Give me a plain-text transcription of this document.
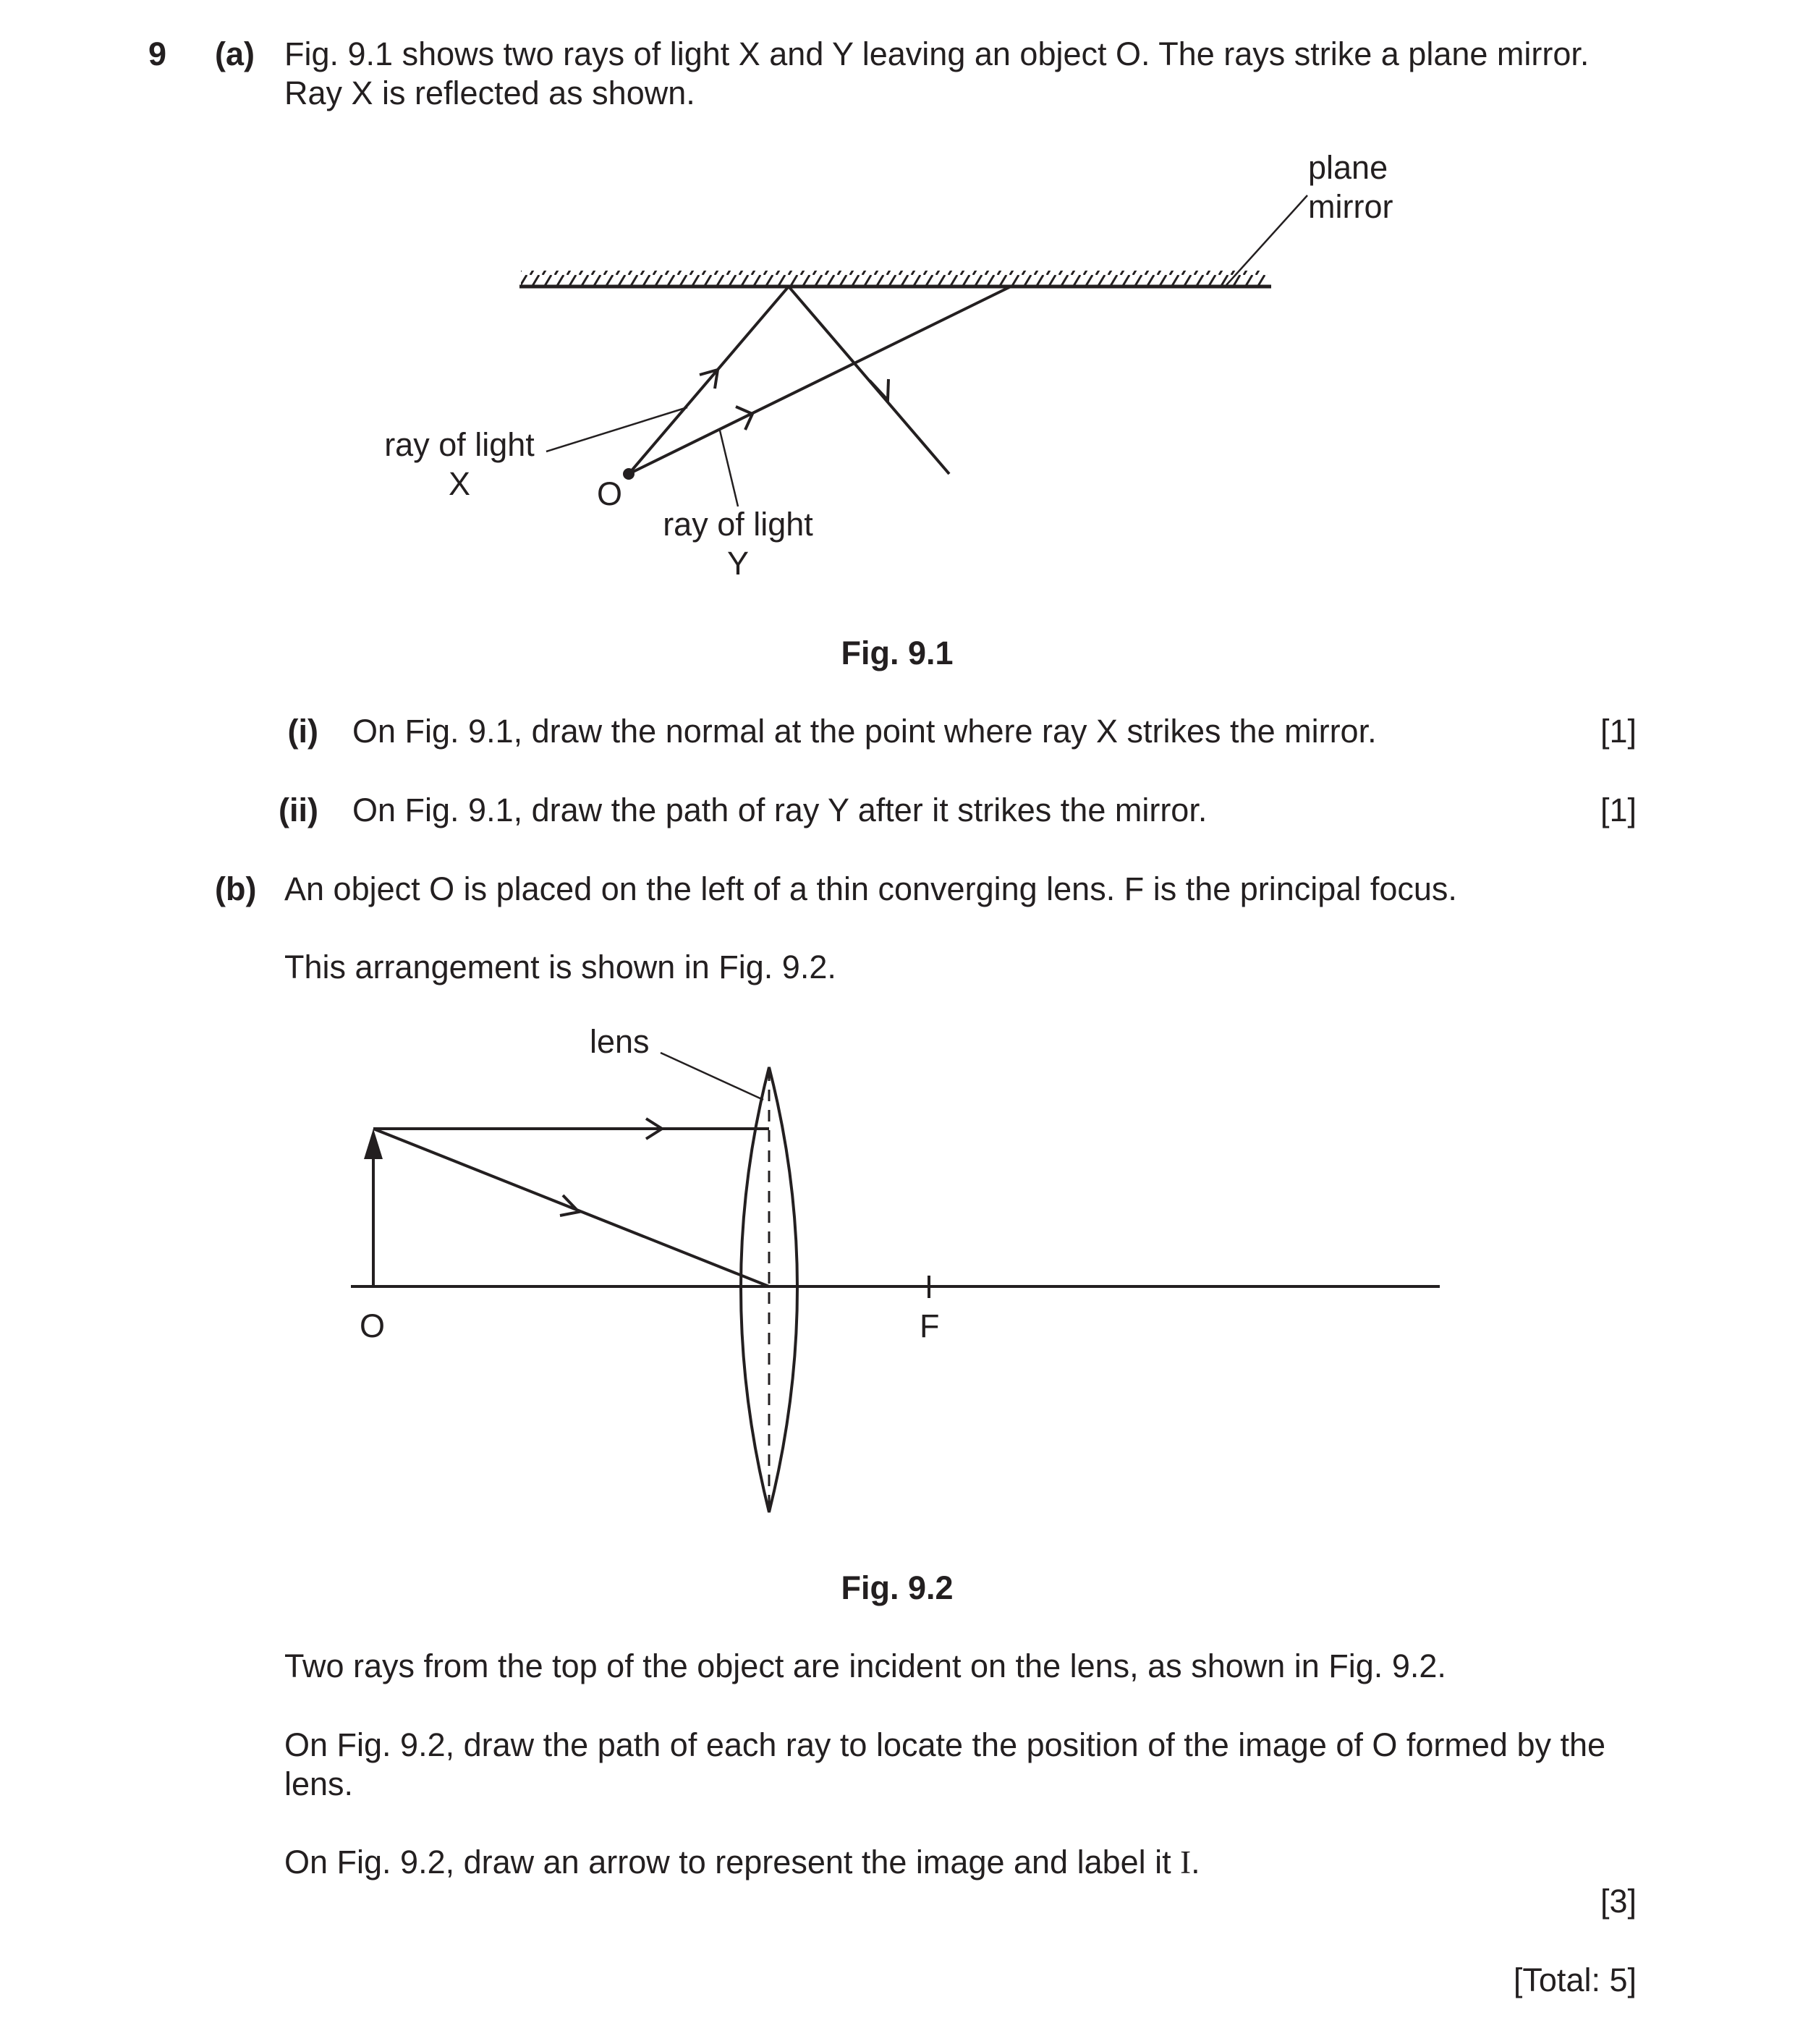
9 (a) Fig. 9.1 shows two rays of light X and Y leaving an object O. The rays strike a plane mirror.
Ray X is reflected as shown.
plane
mirror
ray of light
X	O
ray of light
Y
Fig. 9.1
(i) On Fig. 9.1, draw the normal at the point where ray X strikes the mirror.	[1]
(ii) On Fig. 9.1, draw the path of ray Y after it strikes the mirror.	[1]
(b) An object O is placed on the left of a thin converging lens. F is the principal focus.
This arrangement is shown in Fig. 9.2.
lens
O	F
Fig. 9.2
Two rays from the top of the object are incident on the lens, as shown in Fig. 9.2.
On Fig. 9.2, draw the path of each ray to locate the position of the image of O formed by the
lens.
On Fig. 9.2, draw an arrow to represent the image and label it I.
[3]
[Total: 5]
